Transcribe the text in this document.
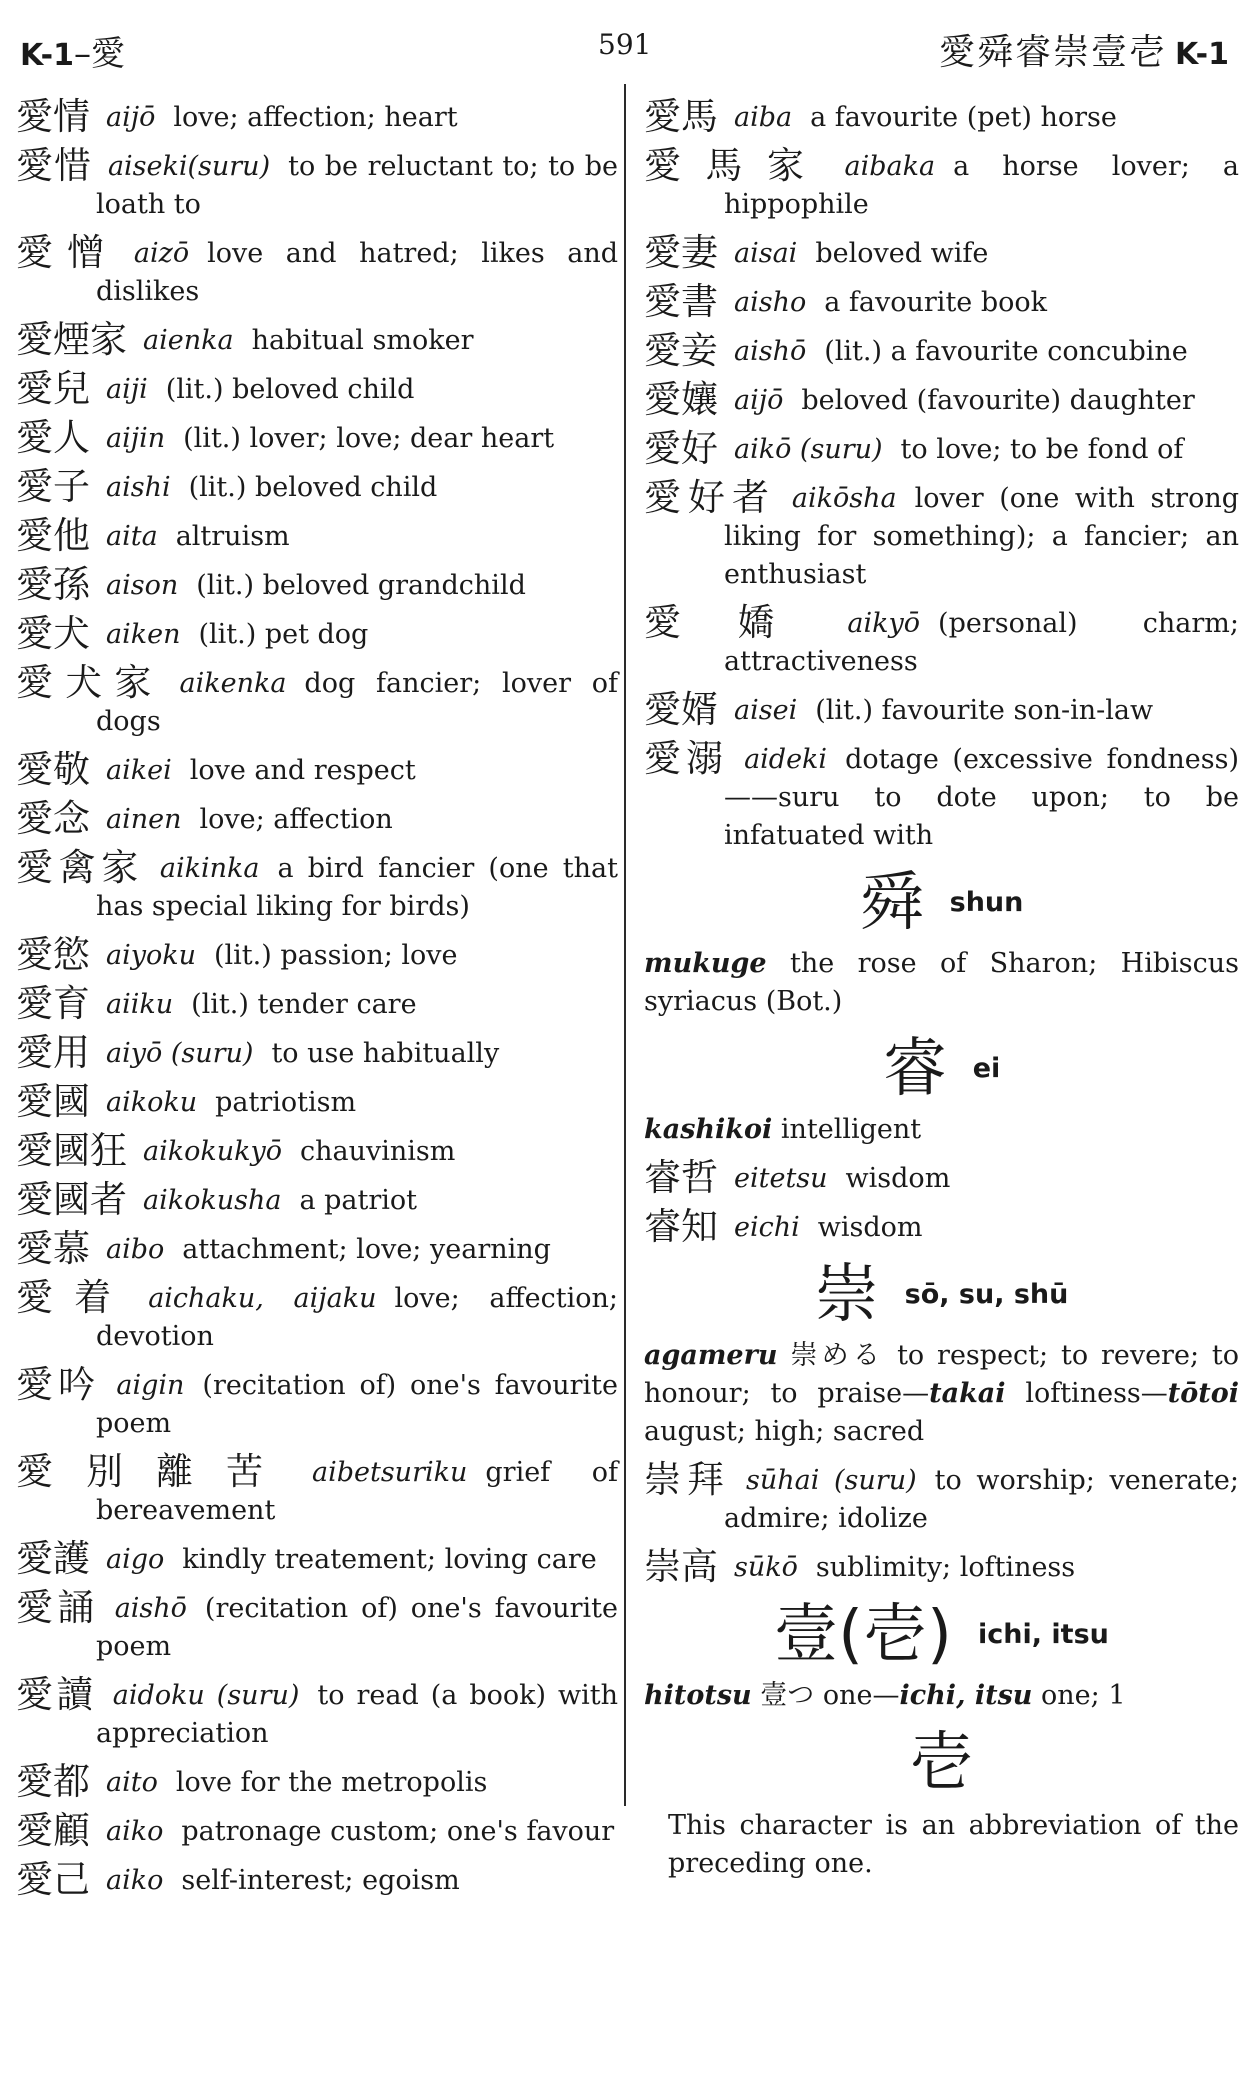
K-1–愛	591	愛舜睿崇壹壱 K-1
愛情 aijō love; affection; heart
愛惜 aiseki(suru) to be reluctant to; to be loath to
愛憎 aizō love and hatred; likes and dislikes
愛煙家 aienka habitual smoker
愛兒 aiji (lit.) beloved child
愛人 aijin (lit.) lover; love; dear heart
愛子 aishi (lit.) beloved child
愛他 aita altruism
愛孫 aison (lit.) beloved grandchild
愛犬 aiken (lit.) pet dog
愛犬家 aikenka dog fancier; lover of dogs
愛敬 aikei love and respect
愛念 ainen love; affection
愛禽家 aikinka a bird fancier (one that has special liking for birds)
愛慾 aiyoku (lit.) passion; love
愛育 aiiku (lit.) tender care
愛用 aiyō (suru) to use habitually
愛國 aikoku patriotism
愛國狂 aikokukyō chauvinism
愛國者 aikokusha a patriot
愛慕 aibo attachment; love; yearning
愛着 aichaku, aijaku love; affection; devotion
愛吟 aigin (recitation of) one's favourite poem
愛別離苦 aibetsuriku grief of bereavement
愛護 aigo kindly treatement; loving care
愛誦 aishō (recitation of) one's favourite poem
愛讀 aidoku (suru) to read (a book) with appreciation
愛都 aito love for the metropolis
愛顧 aiko patronage custom; one's favour
愛己 aiko self-interest; egoism
愛馬 aiba a favourite (pet) horse
愛馬家 aibaka a horse lover; a hippophile
愛妻 aisai beloved wife
愛書 aisho a favourite book
愛妾 aishō (lit.) a favourite concubine
愛孃 aijō beloved (favourite) daughter
愛好 aikō (suru) to love; to be fond of
愛好者 aikōsha lover (one with strong liking for something); a fancier; an enthusiast
愛嬌 aikyō (personal) charm; attractiveness
愛婿 aisei (lit.) favourite son-in-law
愛溺 aideki dotage (excessive fondness) ——suru to dote upon; to be infatuated with
舜shun
mukuge the rose of Sharon; Hibiscus syriacus (Bot.)
睿ei
kashikoi intelligent
睿哲 eitetsu wisdom
睿知 eichi wisdom
崇sō, su, shū
agameru 崇める to respect; to revere; to honour; to praise—takai loftiness—tōtoi august; high; sacred
崇拜 sūhai (suru) to worship; venerate; admire; idolize
崇高 sūkō sublimity; loftiness
壹(壱) ichi, itsu
hitotsu 壹つ one—ichi, itsu one; 1
壱
This character is an abbreviation of the preceding one.
